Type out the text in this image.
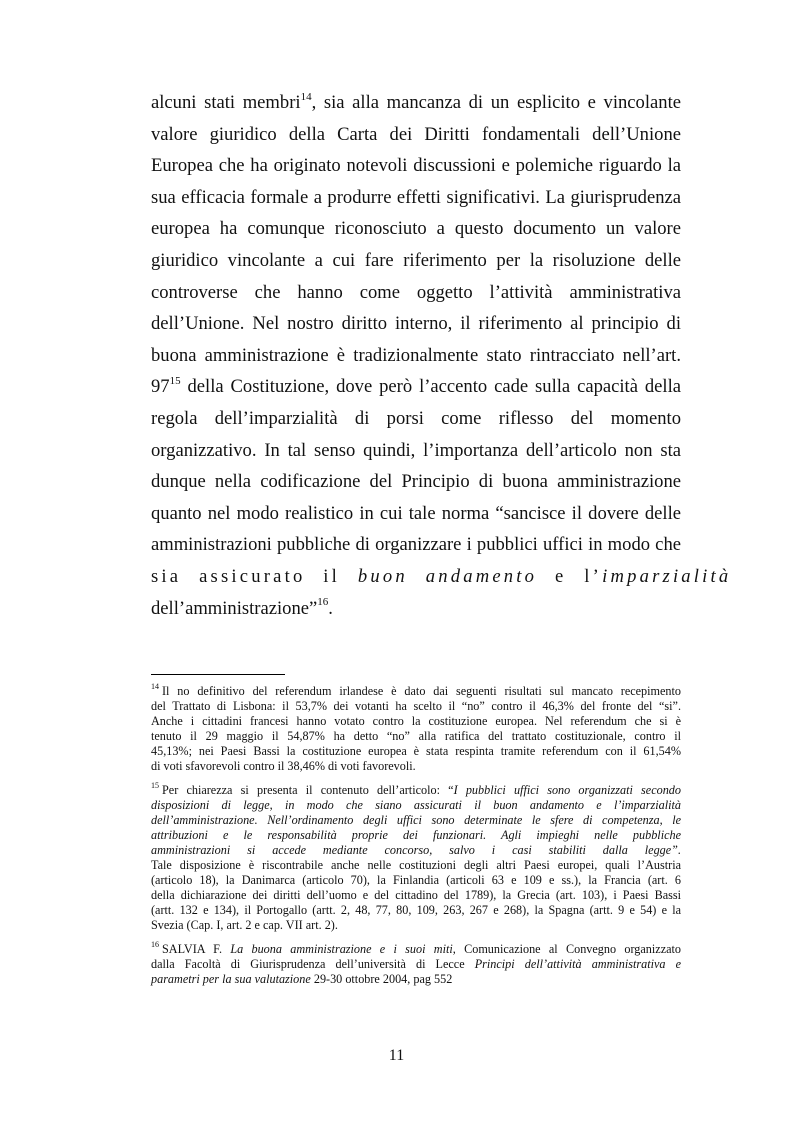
alcuni stati membri$^{14}$, sia alla mancanza di un esplicito e vincolante
valore giuridico della Carta dei Diritti fondamentali dell’Unione
Europea che ha originato notevoli discussioni e polemiche riguardo la
sua efficacia formale a produrre effetti significativi. La giurisprudenza
europea ha comunque riconosciuto a questo documento un valore
giuridico vincolante a cui fare riferimento per la risoluzione delle
controverse che hanno come oggetto l’attività amministrativa
dell’Unione. Nel nostro diritto interno, il riferimento al principio di
buona amministrazione è tradizionalmente stato rintracciato nell’art.
$97^{15}$ della Costituzione, dove però l’accento cade sulla capacità della
regola dell’imparzialità di porsi come riflesso del momento
organizzativo. In tal senso quindi, l’importanza dell’articolo non sta
dunque nella codificazione del Principio di buona amministrazione
quanto nel modo realistico in cui tale norma “sancisce il dovere delle
amministrazioni pubbliche di organizzare i pubblici uffici in modo che
sia assicurato il buon andamento e l’imparzialità
dell’amministrazione”$^{16}$.
$^{14}$ Il no definitivo del referendum irlandese è dato dai seguenti risultati sul mancato recepimento
del Trattato di Lisbona: il 53,7% dei votanti ha scelto il “no” contro il 46,3% del fronte del “si”.
Anche i cittadini francesi hanno votato contro la costituzione europea. Nel referendum che si è
tenuto il 29 maggio il 54,87% ha detto “no” alla ratifica del trattato costituzionale, contro il
45,13%; nei Paesi Bassi la costituzione europea è stata respinta tramite referendum con il 61,54%
di voti sfavorevoli contro il 38,46% di voti favorevoli.
$^{15}$ Per chiarezza si presenta il contenuto dell’articolo: “I pubblici uffici sono organizzati secondo
disposizioni di legge, in modo che siano assicurati il buon andamento e l’imparzialità
dell’amministrazione. Nell’ordinamento degli uffici sono determinate le sfere di competenza, le
attribuzioni e le responsabilità proprie dei funzionari. Agli impieghi nelle pubbliche
amministrazioni si accede mediante concorso, salvo i casi stabiliti dalla legge”.
Tale disposizione è riscontrabile anche nelle costituzioni degli altri Paesi europei, quali l’Austria
(articolo 18), la Danimarca (articolo 70), la Finlandia (articoli 63 e 109 e ss.), la Francia (art. 6
della dichiarazione dei diritti dell’uomo e del cittadino del 1789), la Grecia (art. 103), i Paesi Bassi
(artt. 132 e 134), il Portogallo (artt. 2, 48, 77, 80, 109, 263, 267 e 268), la Spagna (artt. 9 e 54) e la
Svezia (Cap. I, art. 2 e cap. VII art. 2).
$^{16}$ SALVIA F. La buona amministrazione e i suoi miti, Comunicazione al Convegno organizzato
dalla Facoltà di Giurisprudenza dell’università di Lecce Principi dell’attività amministrativa e
parametri per la sua valutazione 29-30 ottobre 2004, pag 552
11
